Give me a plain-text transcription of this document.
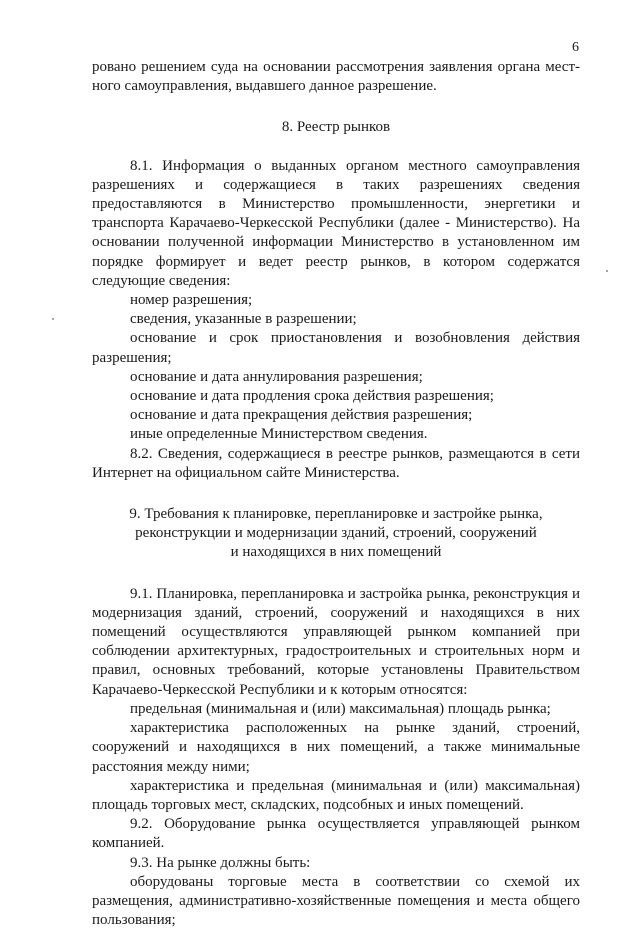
6

ровано решением суда на основании рассмотрения заявления органа мест-ного самоуправления, выдавшего данное разрешение.

8. Реестр рынков

8.1. Информация о выданных органом местного самоуправления разрешениях и содержащиеся в таких разрешениях сведения предоставляются в Министерство промышленности, энергетики и транспорта Карачаево-Черкесской Республики (далее - Министерство). На основании полученной информации Министерство в установленном им порядке формирует и ведет реестр рынков, в котором содержатся следующие сведения:

номер разрешения;

сведения, указанные в разрешении;

основание и срок приостановления и возобновления действия разрешения;

основание и дата аннулирования разрешения;

основание и дата продления срока действия разрешения;

основание и дата прекращения действия разрешения;

иные определенные Министерством сведения.

8.2. Сведения, содержащиеся в реестре рынков, размещаются в сети Интернет на официальном сайте Министерства.

9. Требования к планировке, перепланировке и застройке рынка,
реконструкции и модернизации зданий, строений, сооружений
и находящихся в них помещений

9.1. Планировка, перепланировка и застройка рынка, реконструкция и модернизация зданий, строений, сооружений и находящихся в них помещений осуществляются управляющей рынком компанией при соблюдении архитектурных, градостроительных и строительных норм и правил, основных требований, которые установлены Правительством Карачаево-Черкесской Республики и к которым относятся:

предельная (минимальная и (или) максимальная) площадь рынка;

характеристика расположенных на рынке зданий, строений, сооружений и находящихся в них помещений, а также минимальные расстояния между ними;

характеристика и предельная (минимальная и (или) максимальная) площадь торговых мест, складских, подсобных и иных помещений.

9.2. Оборудование рынка осуществляется управляющей рынком компанией.

9.3. На рынке должны быть:

оборудованы торговые места в соответствии со схемой их размещения, административно-хозяйственные помещения и места общего пользования;
